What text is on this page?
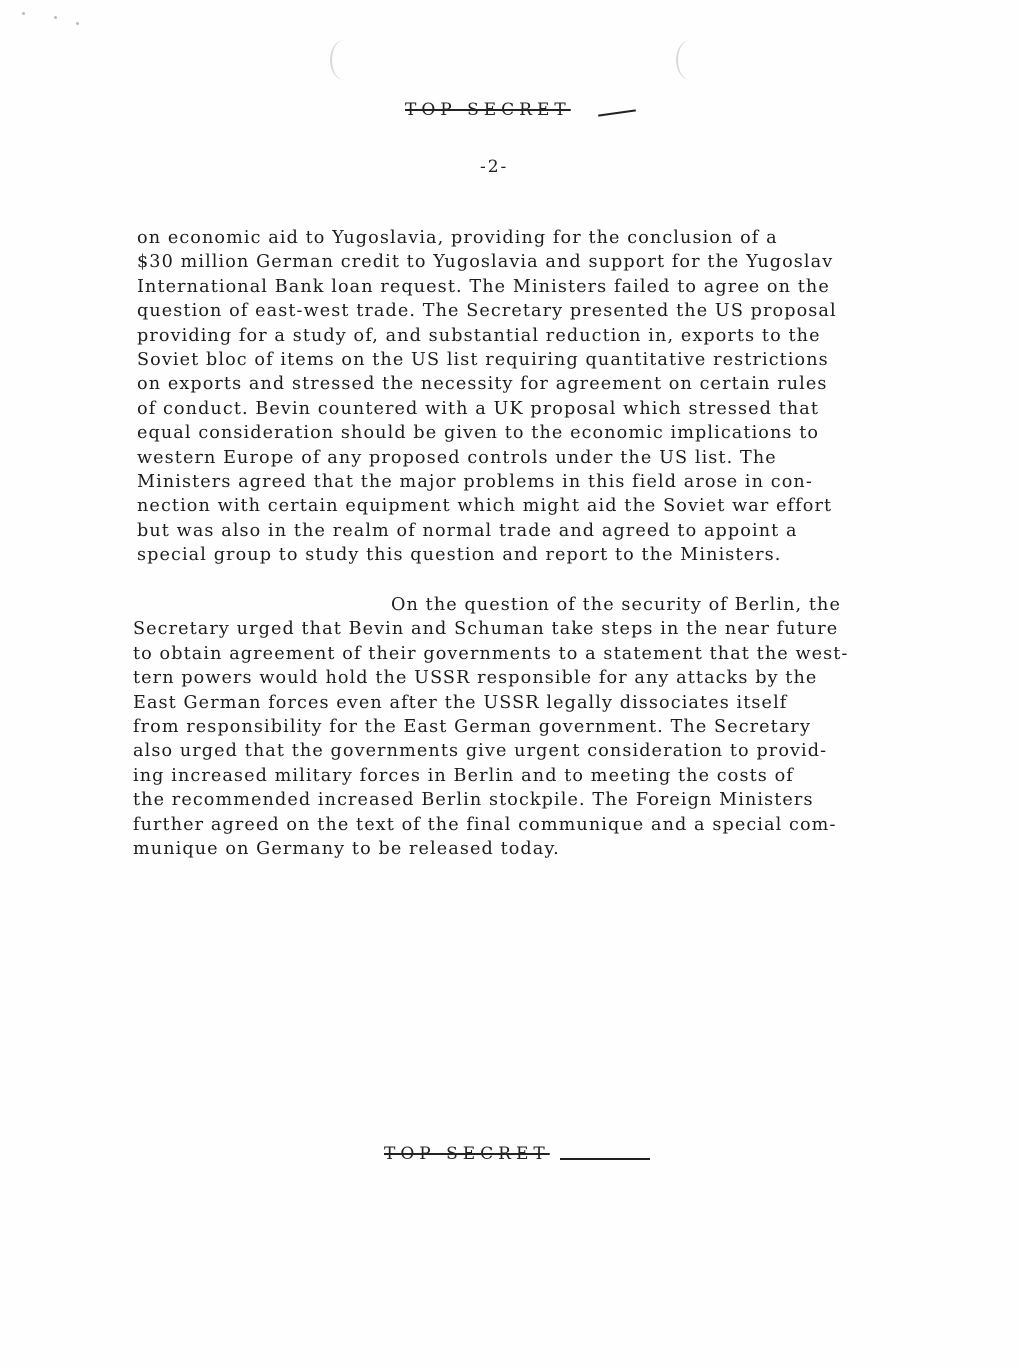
TOP SECRET
-2-
on economic aid to Yugoslavia, providing for the conclusion of a
$30 million German credit to Yugoslavia and support for the Yugoslav
International Bank loan request. The Ministers failed to agree on the
question of east-west trade. The Secretary presented the US proposal
providing for a study of, and substantial reduction in, exports to the
Soviet bloc of items on the US list requiring quantitative restrictions
on exports and stressed the necessity for agreement on certain rules
of conduct. Bevin countered with a UK proposal which stressed that
equal consideration should be given to the economic implications to
western Europe of any proposed controls under the US list. The
Ministers agreed that the major problems in this field arose in con-
nection with certain equipment which might aid the Soviet war effort
but was also in the realm of normal trade and agreed to appoint a
special group to study this question and report to the Ministers.
On the question of the security of Berlin, the
Secretary urged that Bevin and Schuman take steps in the near future
to obtain agreement of their governments to a statement that the west-
tern powers would hold the USSR responsible for any attacks by the
East German forces even after the USSR legally dissociates itself
from responsibility for the East German government. The Secretary
also urged that the governments give urgent consideration to provid-
ing increased military forces in Berlin and to meeting the costs of
the recommended increased Berlin stockpile. The Foreign Ministers
further agreed on the text of the final communique and a special com-
munique on Germany to be released today.
TOP SECRET
